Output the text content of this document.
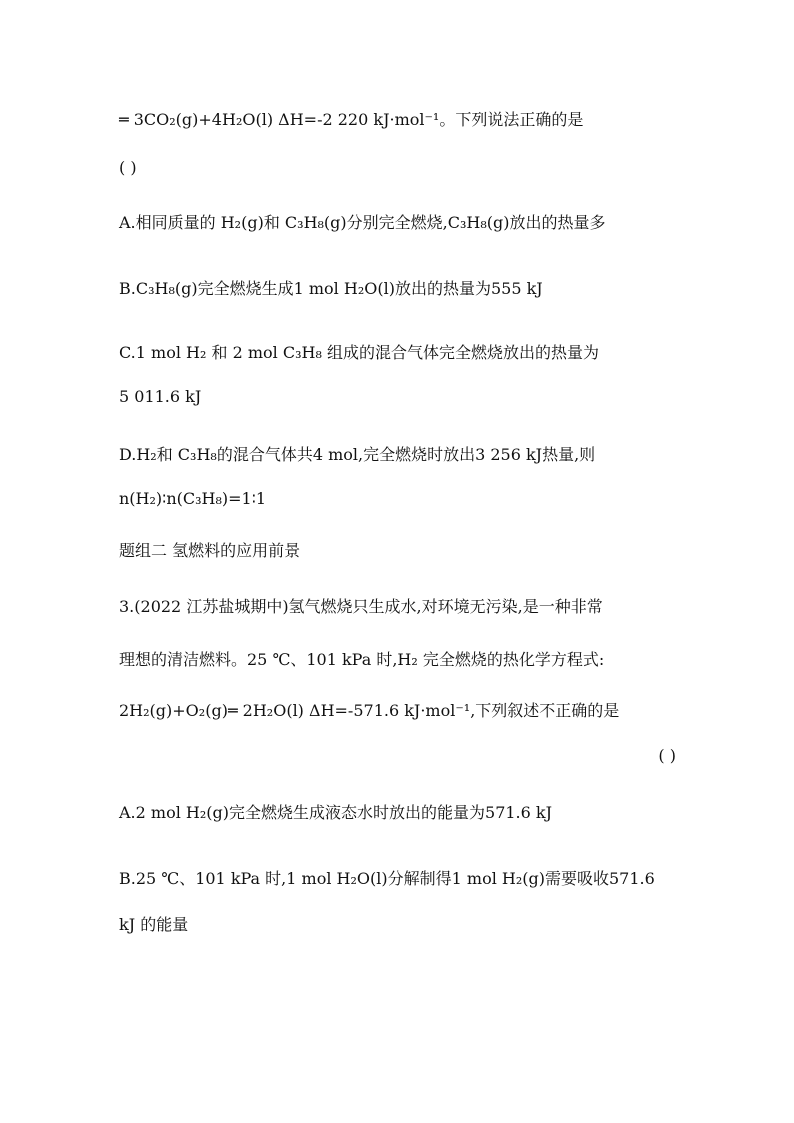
═ 3CO₂(g)+4H₂O(l) ΔH=-2 220 kJ·mol⁻¹。下列说法正确的是
( )
A.相同质量的 H₂(g)和 C₃H₈(g)分别完全燃烧,C₃H₈(g)放出的热量多
B.C₃H₈(g)完全燃烧生成1 mol H₂O(l)放出的热量为555 kJ
C.1 mol H₂ 和 2 mol C₃H₈ 组成的混合气体完全燃烧放出的热量为
5 011.6 kJ
D.H₂和 C₃H₈的混合气体共4 mol,完全燃烧时放出3 256 kJ热量,则
n(H₂)∶n(C₃H₈)=1∶1
题组二 氢燃料的应用前景
3.(2022 江苏盐城期中)氢气燃烧只生成水,对环境无污染,是一种非常
理想的清洁燃料。25 ℃、101 kPa 时,H₂ 完全燃烧的热化学方程式:
2H₂(g)+O₂(g)═ 2H₂O(l) ΔH=-571.6 kJ·mol⁻¹,下列叙述不正确的是
( )
A.2 mol H₂(g)完全燃烧生成液态水时放出的能量为571.6 kJ
B.25 ℃、101 kPa 时,1 mol H₂O(l)分解制得1 mol H₂(g)需要吸收571.6
kJ 的能量
